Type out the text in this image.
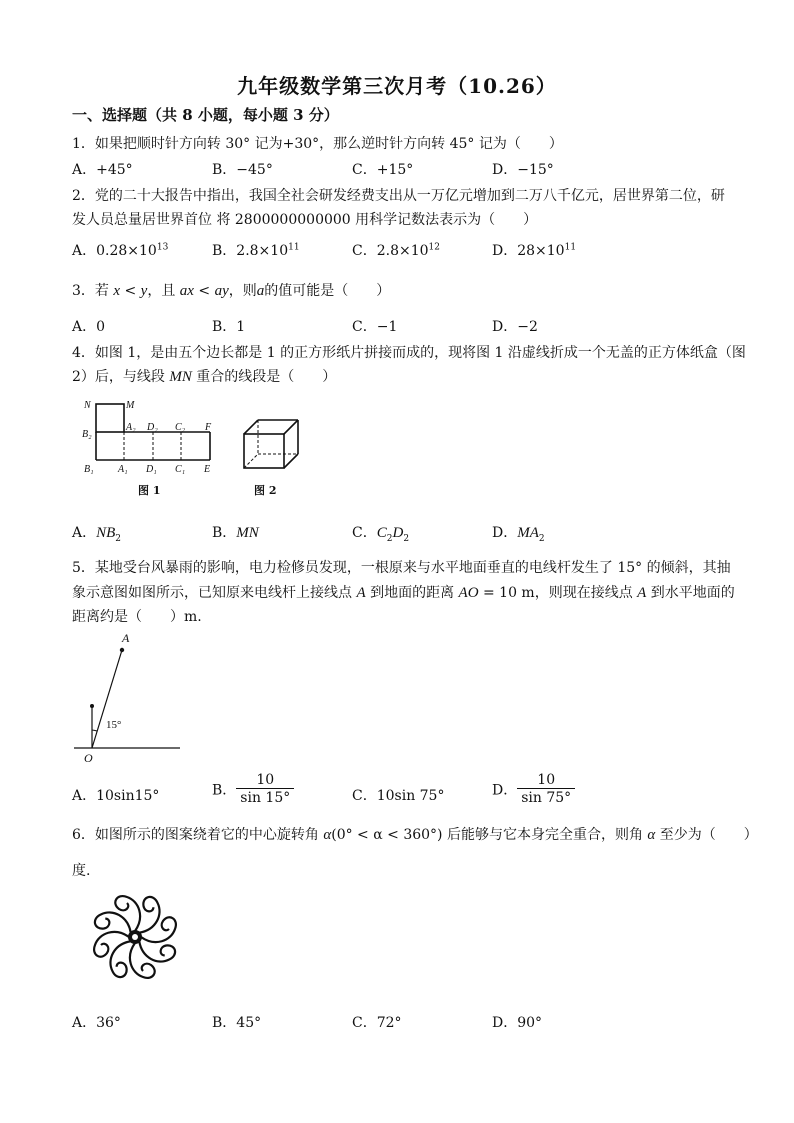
九年级数学第三次月考（10.26）
一、选择题（共 8 小题，每小题 3 分）
1．如果把顺时针方向转 30° 记为+30°，那么逆时针方向转 45° 记为（　　）
A．+45°	B．−45°	C．+15°	D．−15°
2．党的二十大报告中指出，我国全社会研发经费支出从一万亿元增加到二万八千亿元，居世界第二位，研
发人员总量居世界首位 将 2800000000000 用科学记数法表示为（　　）
A．$0.28\times 10^{13}$	B．$2.8\times 10^{11}$	C．$2.8\times 10^{12}$	D．$28\times 10^{11}$
3．若 x < y，且 ax < ay，则a的值可能是（　　）
A．0	B．1	C．−1	D．−2
4．如图 1，是由五个边长都是 1 的正方形纸片拼接而成的，现将图 1 沿虚线折成一个无盖的正方体纸盒（图
2）后，与线段 MN 重合的线段是（　　）
N	M
B₂
A₂ D₂ C₂ F
B₁ A₁ D₁ C₁ E
图 1	图 2
A．$NB_2$	B．MN	C．$C_2D_2$	D．$MA_2$
5．某地受台风暴雨的影响，电力检修员发现，一根原来与水平地面垂直的电线杆发生了 15° 的倾斜，其抽
象示意图如图所示，已知原来电线杆上接线点 A 到地面的距离 AO = 10 m，则现在接线点 A 到水平地面的
距离约是（　　）m.
A
O
15°
A．10sin15°	B． $\frac{10}{\sin 15^\circ}$	C．10sin 75°	D． $\frac{10}{\sin 75^\circ}$
6．如图所示的图案绕着它的中心旋转角 α(0° < α < 360°) 后能够与它本身完全重合，则角 α 至少为（　　）
度.
A．36°	B．45°	C．72°	D．90°
